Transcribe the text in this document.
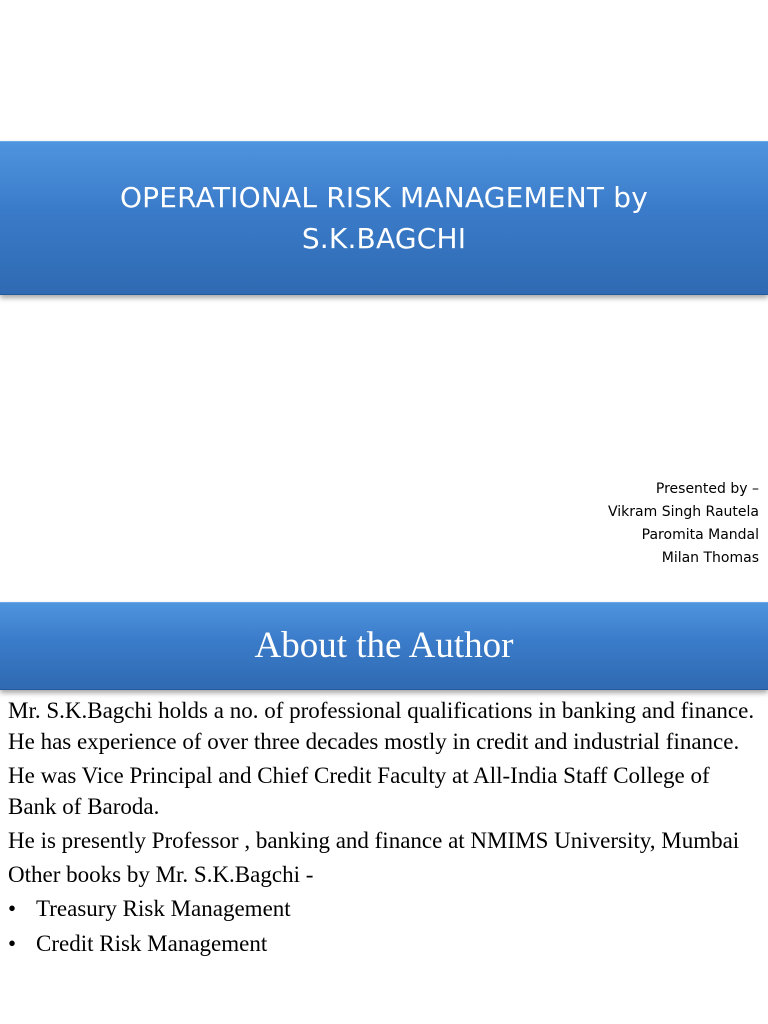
OPERATIONAL RISK MANAGEMENT by S.K.BAGCHI
Presented by –
Vikram Singh Rautela
Paromita Mandal
Milan Thomas
About the Author

Mr. S.K.Bagchi holds a no. of professional qualifications in banking and finance. He has experience of over three decades mostly in credit and industrial finance.

He was Vice Principal and Chief Credit Faculty at All-India Staff College of Bank of Baroda.

He is presently Professor , banking and finance at NMIMS University, Mumbai

Other books by Mr. S.K.Bagchi -

• Treasury Risk Management
• Credit Risk Management
